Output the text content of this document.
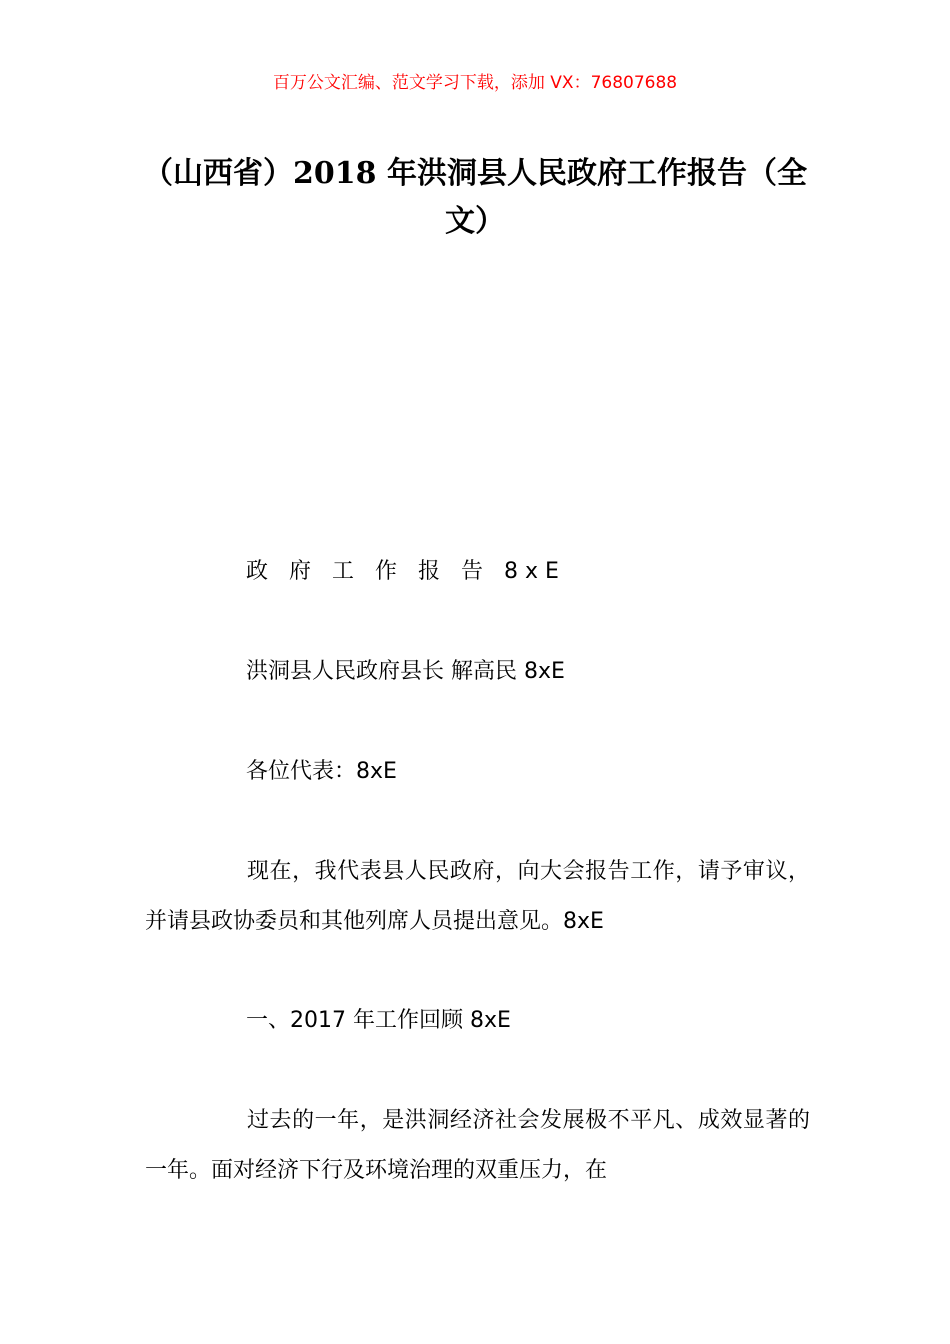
百万公文汇编、范文学习下载，添加 VX：76807688
（山西省）2018 年洪洞县人民政府工作报告（全文）

政 府 工 作 报 告 8xE

洪洞县人民政府县长 解高民 8xE

各位代表：8xE

现在，我代表县人民政府，向大会报告工作，请予审议，并请县政协委员和其他列席人员提出意见。8xE

一、2017 年工作回顾 8xE

过去的一年，是洪洞经济社会发展极不平凡、成效显著的一年。面对经济下行及环境治理的双重压力，在
